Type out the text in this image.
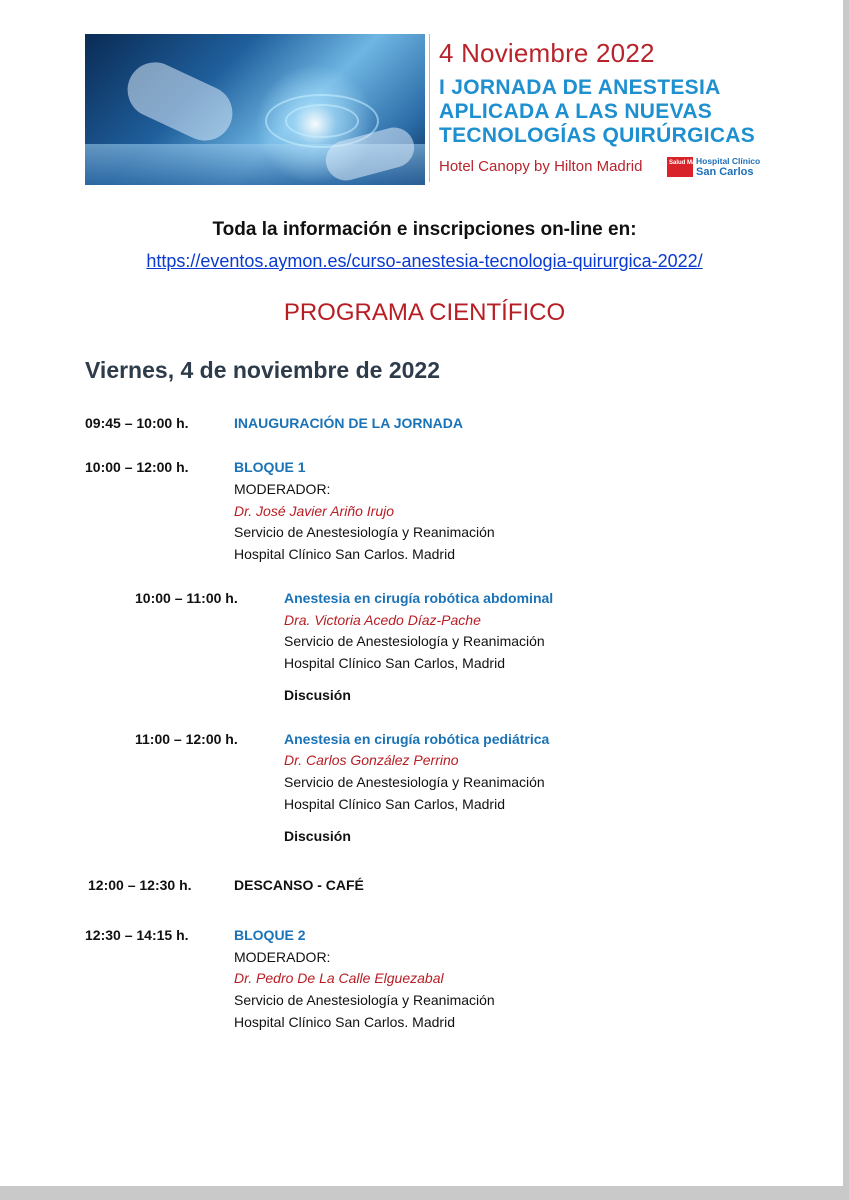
4 Noviembre 2022
I JORNADA DE ANESTESIA
APLICADA A LAS NUEVAS
TECNOLOGÍAS QUIRÚRGICAS
Hotel Canopy by Hilton Madrid	Salud Madrid
Hospital Clínico
San Carlos
Toda la información e inscripciones on-line en:
https://eventos.aymon.es/curso-anestesia-tecnologia-quirurgica-2022/
PROGRAMA CIENTÍFICO
Viernes, 4 de noviembre de 2022
09:45 – 10:00 h.	INAUGURACIÓN DE LA JORNADA
10:00 – 12:00 h.	BLOQUE 1
MODERADOR:
Dr. José Javier Ariño Irujo
Servicio de Anestesiología y Reanimación
Hospital Clínico San Carlos. Madrid
10:00 – 11:00 h.	Anestesia en cirugía robótica abdominal
Dra. Victoria Acedo Díaz-Pache
Servicio de Anestesiología y Reanimación
Hospital Clínico San Carlos, Madrid
Discusión
11:00 – 12:00 h.	Anestesia en cirugía robótica pediátrica
Dr. Carlos González Perrino
Servicio de Anestesiología y Reanimación
Hospital Clínico San Carlos, Madrid
Discusión
12:00 – 12:30 h.	DESCANSO - CAFÉ
12:30 – 14:15 h.	BLOQUE 2
MODERADOR:
Dr. Pedro De La Calle Elguezabal
Servicio de Anestesiología y Reanimación
Hospital Clínico San Carlos. Madrid
